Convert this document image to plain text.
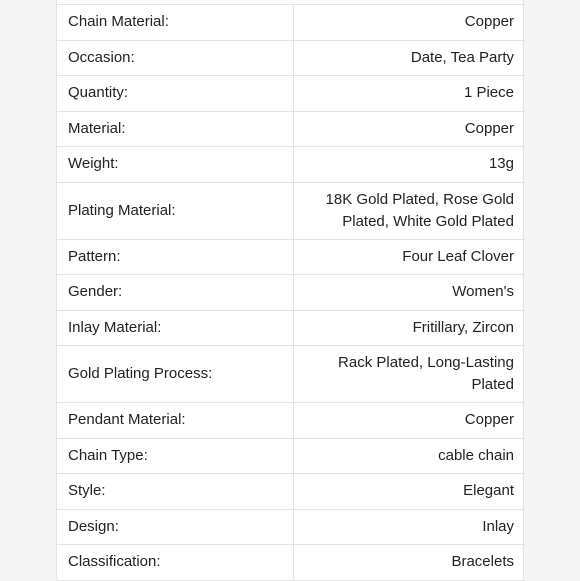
Chain Material:	Copper
Occasion:	Date, Tea Party
Quantity:	1 Piece
Material:	Copper
Weight:	13g
Plating Material:	18K Gold Plated, Rose Gold Plated, White Gold Plated
Pattern:	Four Leaf Clover
Gender:	Women's
Inlay Material:	Fritillary, Zircon
Gold Plating Process:	Rack Plated, Long-Lasting Plated
Pendant Material:	Copper
Chain Type:	cable chain
Style:	Elegant
Design:	Inlay
Classification:	Bracelets
